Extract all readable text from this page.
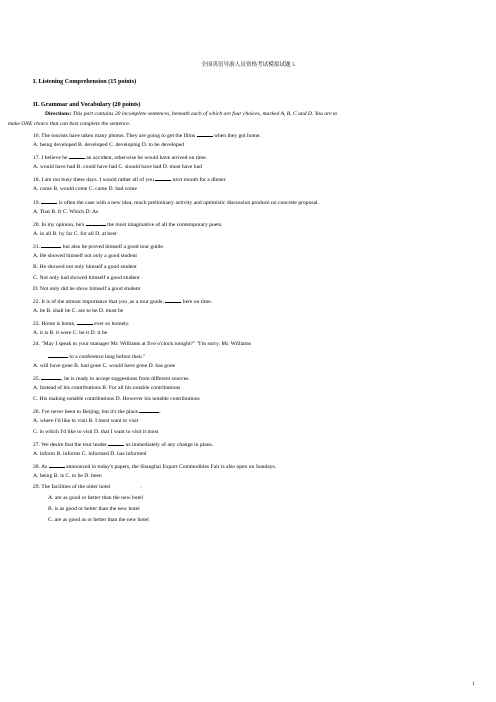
全国英语导游人员资格考试模拟试题 5
I. Listening Comprehension (15 points)
II. Grammar and Vocabulary (20 points)
Directions: This part contains 20 incomplete sentences, beneath each of which are four choices, marked A, B, C and D. You are to
make ONE choice that can best complete the sentence.
16. The tourists have taken many photos. They are going to get the films	when they got home.
A. being developed B. developed C. developing D. to be developed
17. I believe he	an accident, otherwise he would have arrived on time.
A. would have had B. could have had C. should have had D. must have had
18. I am too busy these days. I would rather all of you	next month for a dinner.
A. come B. would come C. came D. had come
19.	is often the case with a new idea, much preliminary activity and optimistic discussion produce no concrete proposal.
A. That B. It C. Which D. As
20. In my opinion, he's	the most imaginative of all the contemporary poets.
A. in all B. by far C. for all D. at best
21.	but also he proved himself a good tour guide.
A. He showed himself not only a good student
B. He showed not only himself a good student
C. Not only had showed himself a good student
D. Not only did he show himself a good student
22. It is of the utmost importance that you ,as a tour guide,	here on time.
A. be B. shall be C. are to be D. must be
23. Home is home,	ever so homely.
A. it is B. it were C. be it D. it be
24. "May I speak to your manager Mr. Williams at five o'clock tonight?" "I'm sorry. Mr. Williams
to a conference long before then."
A. will have gone B. had gone C. would have gone D. has gone
25.	, he is ready to accept suggestions from different sources.
A. Instead of his contributions B. For all his notable contributions
C. His making notable contributions D. However his notable contributions
26. I've never been to Beijing, but it's the place	.
A. where I'd like to visit B. I most want to visit
C. in which I'd like to visit D. that I want to visit it most
27. We desire that the tour leader	us immediately of any change in plans.
A. inform B. informs C. informed D. has informed
28. As	announced in today's papers, the Shanghai Export Commodities Fair is also open on Sundays.
A. being B. is C. to be D. been
29. The facilities of the older hotel	.
A. are as good or better than the new hotel
B. is as good or better than the new hotel
C. are as good as or better than the new hotel
1
